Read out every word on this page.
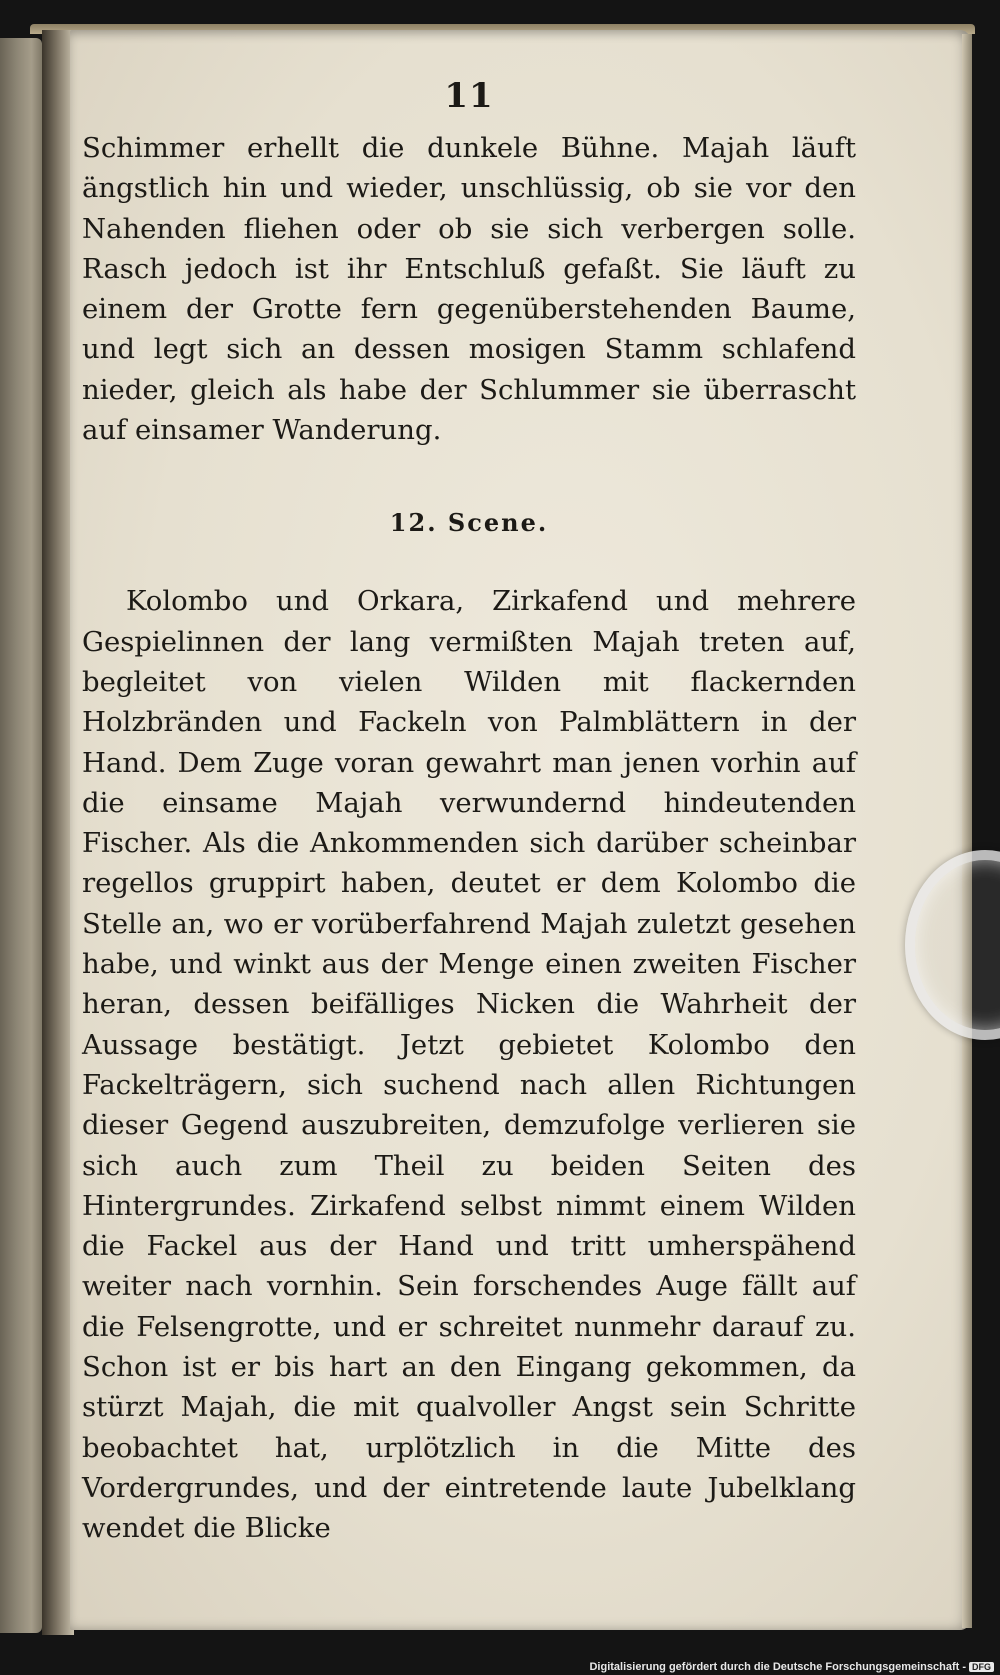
11

Schimmer erhellt die dunkele Bühne. Majah läuft ängstlich hin und wieder, unschlüssig, ob sie vor den Nahenden fliehen oder ob sie sich verbergen solle. Rasch jedoch ist ihr Entschluß gefaßt. Sie läuft zu einem der Grotte fern gegenüberstehenden Baume, und legt sich an dessen mosigen Stamm schlafend nieder, gleich als habe der Schlummer sie überrascht auf einsamer Wanderung.

12. Scene.

Kolombo und Orkara, Zirkafend und mehrere Gespielinnen der lang vermißten Majah treten auf, begleitet von vielen Wilden mit flackernden Holzbränden und Fackeln von Palmblättern in der Hand. Dem Zuge voran gewahrt man jenen vorhin auf die einsame Majah verwundernd hindeutenden Fischer. Als die Ankommenden sich darüber scheinbar regellos gruppirt haben, deutet er dem Kolombo die Stelle an, wo er vorüberfahrend Majah zuletzt gesehen habe, und winkt aus der Menge einen zweiten Fischer heran, dessen beifälliges Nicken die Wahrheit der Aussage bestätigt. Jetzt gebietet Kolombo den Fackelträgern, sich suchend nach allen Richtungen dieser Gegend auszubreiten, demzufolge verlieren sie sich auch zum Theil zu beiden Seiten des Hintergrundes. Zirkafend selbst nimmt einem Wilden die Fackel aus der Hand und tritt umherspähend weiter nach vornhin. Sein forschendes Auge fällt auf die Felsengrotte, und er schreitet nunmehr darauf zu. Schon ist er bis hart an den Eingang gekommen, da stürzt Majah, die mit qualvoller Angst sein Schritte beobachtet hat, urplötzlich in die Mitte des Vordergrundes, und der eintretende laute Jubelklang wendet die Blicke

Digitalisierung gefördert durch die Deutsche Forschungsgemeinschaft - DFG
